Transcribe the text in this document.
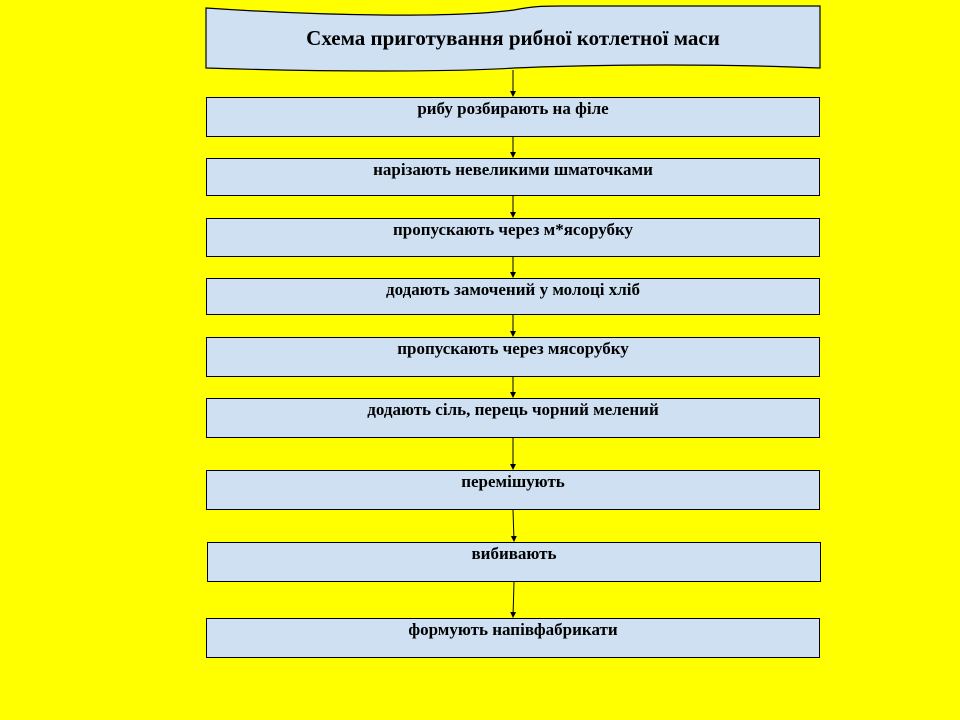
Схема приготування рибної котлетної маси
рибу розбирають на філе
нарізають невеликими шматочками
пропускають через м*ясорубку
додають замочений у молоці хліб
пропускають через мясорубку
додають сіль, перець чорний мелений
перемішують
вибивають
формують напівфабрикати
